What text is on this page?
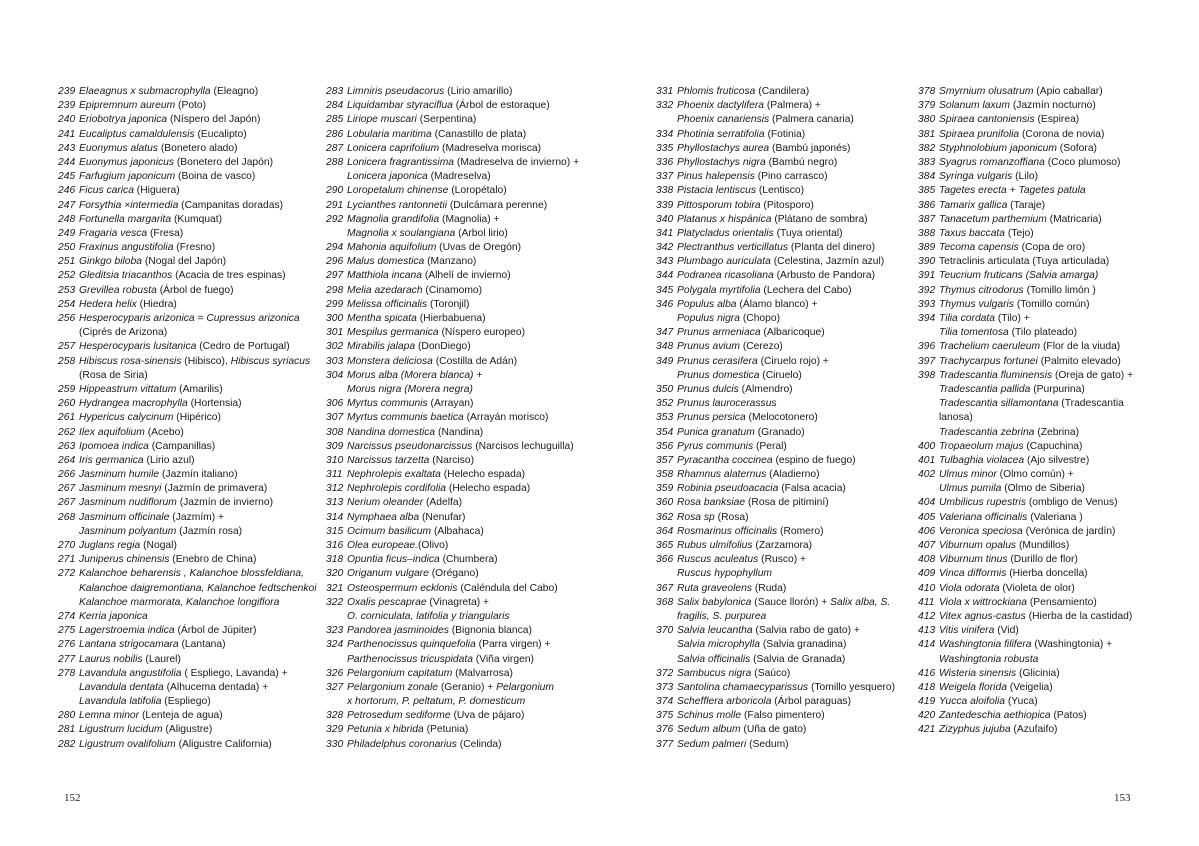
239 Elaeagnus x submacrophylla (Eleagno)
239 Epipremnum aureum (Poto)
240 Eriobotrya japonica (Níspero del Japón)
241 Eucaliptus camaldulensis (Eucalipto)
243 Euonymus alatus (Bonetero alado)
244 Euonymus japonicus (Bonetero del Japón)
245 Farfugium japonicum (Boina de vasco)
246 Ficus carica (Higuera)
247 Forsythia ×intermedia (Campanitas doradas)
248 Fortunella margarita (Kumquat)
249 Fragaria vesca (Fresa)
250 Fraxinus angustifolia (Fresno)
251 Ginkgo biloba (Nogal del Japón)
252 Gleditsia triacanthos (Acacia de tres espinas)
253 Grevillea robusta (Árbol de fuego)
254 Hedera helix (Hiedra)
256 Hesperocyparis arizonica = Cupressus arizonica
(Ciprés de Arizona)
257 Hesperocyparis lusitanica (Cedro de Portugal)
258 Hibiscus rosa-sinensis (Hibisco), Hibiscus syriacus
(Rosa de Siria)
259 Hippeastrum vittatum (Amarilis)
260 Hydrangea macrophylla (Hortensia)
261 Hypericus calycinum (Hipérico)
262 Ilex aquifolium (Acebo)
263 Ipomoea indica (Campanillas)
264 Iris germanica (Lirio azul)
266 Jasminum humile (Jazmín italiano)
267 Jasminum mesnyi (Jazmín de primavera)
267 Jasminum nudiflorum (Jazmín de invierno)
268 Jasminum officinale (Jazmím) +
Jasminum polyantum (Jazmín rosa)
270 Juglans regia (Nogal)
271 Juniperus chinensis (Enebro de China)
272 Kalanchoe beharensis , Kalanchoe blossfeldiana,
Kalanchoe daigremontiana, Kalanchoe fedtschenkoi
Kalanchoe marmorata, Kalanchoe longiflora
274 Kerria japonica
275 Lagerstroemia indica (Árbol de Júpiter)
276 Lantana strigocamara (Lantana)
277 Laurus nobilis (Laurel)
278 Lavandula angustifolia ( Espliego, Lavanda) +
Lavandula dentata (Alhucema dentada) +
Lavandula latifolia (Espliego)
280 Lemna minor (Lenteja de agua)
281 Ligustrum lucidum (Aligustre)
282 Ligustrum ovalifolium (Aligustre California)
283 Limniris pseudacorus (Lirio amarillo)
284 Liquidambar styraciflua (Árbol de estoraque)
285 Liriope muscari (Serpentina)
286 Lobularia maritima (Canastillo de plata)
287 Lonicera caprifolium (Madreselva morisca)
288 Lonicera fragrantissima (Madreselva de invierno) +
Lonicera japonica (Madreselva)
290 Loropetalum chinense (Loropétalo)
291 Lycianthes rantonnetii (Dulcámara perenne)
292 Magnolia grandifolia (Magnolia) +
Magnolia x soulangiana (Arbol lirio)
294 Mahonia aquifolium (Uvas de Oregón)
296 Malus domestica (Manzano)
297 Matthiola incana (Alhelí de invierno)
298 Melia azedarach (Cinamomo)
299 Melissa officinalis (Toronjil)
300 Mentha spicata (Hierbabuena)
301 Mespilus germanica (Níspero europeo)
302 Mirabilis jalapa (DonDiego)
303 Monstera deliciosa (Costilla de Adán)
304 Morus alba (Morera blanca) +
Morus nigra (Morera negra)
306 Myrtus communis (Arrayan)
307 Myrtus communis baetica (Arrayán morisco)
308 Nandina domestica (Nandina)
309 Narcissus pseudonarcissus (Narcisos lechuguilla)
310 Narcissus tarzetta (Narciso)
311 Nephrolepis exaltata (Helecho espada)
312 Nephrolepis cordifolia (Helecho espada)
313 Nerium oleander (Adelfa)
314 Nymphaea alba (Nenufar)
315 Ocimum basilicum (Albahaca)
316 Olea europeae.(Olivo)
318 Opuntia ficus–indica (Chumbera)
320 Origanum vulgare (Orégano)
321 Osteospermum ecklonis (Caléndula del Cabo)
322 Oxalis pescaprae (Vinagreta) +
O. corniculata, latifolia y triangularis
323 Pandorea jasminoides (Bignonia blanca)
324 Parthenocissus quinquefolia (Parra virgen) +
Parthenocissus tricuspidata (Viña virgen)
326 Pelargonium capitatum (Malvarrosa)
327 Pelargonium zonale (Geranio) + Pelargonium
x hortorum, P. peltatum, P. domesticum
328 Petrosedum sediforme (Uva de pájaro)
329 Petunia x hibrida (Petunia)
330 Philadelphus coronarius (Celinda)
331 Phlomis fruticosa (Candilera)
332 Phoenix dactylifera (Palmera) +
Phoenix canariensis (Palmera canaria)
334 Photinia serratifolia (Fotinia)
335 Phyllostachys aurea (Bambú japonés)
336 Phyllostachys nigra (Bambú negro)
337 Pinus halepensis (Pino carrasco)
338 Pistacia lentiscus (Lentisco)
339 Pittosporum tobira (Pitosporo)
340 Platanus x hispánica (Plátano de sombra)
341 Platycladus orientalis (Tuya oriental)
342 Plectranthus verticillatus (Planta del dinero)
343 Plumbago auriculata (Celestina, Jazmín azul)
344 Podranea ricasoliana (Arbusto de Pandora)
345 Polygala myrtifolia (Lechera del Cabo)
346 Populus alba (Álamo blanco) +
Populus nigra (Chopo)
347 Prunus armeniaca (Albaricoque)
348 Prunus avium (Cerezo)
349 Prunus cerasifera (Ciruelo rojo) +
Prunus domestica (Ciruelo)
350 Prunus dulcis (Almendro)
352 Prunus laurocerassus
353 Prunus persica (Melocotonero)
354 Punica granatum (Granado)
356 Pyrus communis (Peral)
357 Pyracantha coccinea (espino de fuego)
358 Rhamnus alaternus (Aladierno)
359 Robinia pseudoacacia (Falsa acacia)
360 Rosa banksiae (Rosa de pitiminí)
362 Rosa sp (Rosa)
364 Rosmarinus officinalis (Romero)
365 Rubus ulmifolius (Zarzamora)
366 Ruscus aculeatus (Rusco) +
Ruscus hypophyllum
367 Ruta graveolens (Ruda)
368 Salix babylonica (Sauce llorón) + Salix alba, S.
fragilis, S. purpurea
370 Salvia leucantha (Salvia rabo de gato) +
Salvia microphylla (Salvia granadina)
Salvia officinalis (Salvia de Granada)
372 Sambucus nigra (Saúco)
373 Santolina chamaecyparissus (Tomillo yesquero)
374 Schefflera arboricola (Árbol paraguas)
375 Schinus molle (Falso pimentero)
376 Sedum album (Uña de gato)
377 Sedum palmeri (Sedum)
378 Smyrnium olusatrum (Apio caballar)
379 Solanum laxum (Jazmín nocturno)
380 Spiraea cantoniensis (Espirea)
381 Spiraea prunifolia (Corona de novia)
382 Styphnolobium japonicum (Sofora)
383 Syagrus romanzoffiana (Coco plumoso)
384 Syringa vulgaris (Lilo)
385 Tagetes erecta + Tagetes patula
386 Tamarix gallica (Taraje)
387 Tanacetum parthemium (Matricaria)
388 Taxus baccata (Tejo)
389 Tecoma capensis (Copa de oro)
390 Tetraclinis articulata (Tuya articulada)
391 Teucrium fruticans (Salvia amarga)
392 Thymus citrodorus (Tomillo limón )
393 Thymus vulgaris (Tomillo común)
394 Tilia cordata (Tilo) +
Tilia tomentosa (Tilo plateado)
396 Trachelium caeruleum (Flor de la viuda)
397 Trachycarpus fortunei (Palmito elevado)
398 Tradescantia fluminensis (Oreja de gato) +
Tradescantia pallida (Purpurina)
Tradescantia sillamontana (Tradescantia
lanosa)
Tradescantia zebrina (Zebrina)
400 Tropaeolum majus (Capuchina)
401 Tulbaghia violacea (Ajo silvestre)
402 Ulmus minor (Olmo común) +
Ulmus pumila (Olmo de Siberia)
404 Umbilicus rupestris (ombligo de Venus)
405 Valeriana officinalis (Valeriana )
406 Veronica speciosa (Verónica de jardín)
407 Viburnum opalus (Mundillos)
408 Viburnum tinus (Durillo de flor)
409 Vinca difformis (Hierba doncella)
410 Viola odorata (Violeta de olor)
411 Viola x wittrockiana (Pensamiento)
412 Vitex agnus-castus (Hierba de la castidad)
413 Vitis vinifera (Vid)
414 Washingtonia filifera (Washingtonia) +
Washingtonia robusta
416 Wisteria sinensis (Glicinia)
418 Weigela florida (Veigelia)
419 Yucca aloifolia (Yuca)
420 Zantedeschia aethiopica (Patos)
421 Zizyphus jujuba (Azufaifo)
152	153
